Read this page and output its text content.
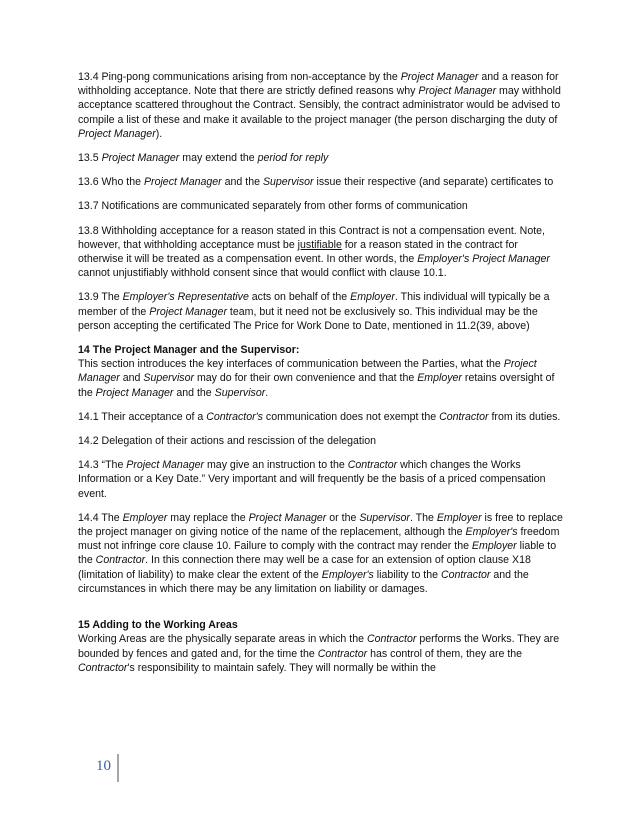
13.4 Ping-pong communications arising from non-acceptance by the Project Manager and a reason for withholding acceptance. Note that there are strictly defined reasons why Project Manager may withhold acceptance scattered throughout the Contract. Sensibly, the contract administrator would be advised to compile a list of these and make it available to the project manager (the person discharging the duty of Project Manager).

13.5 Project Manager may extend the period for reply

13.6 Who the Project Manager and the Supervisor issue their respective (and separate) certificates to

13.7 Notifications are communicated separately from other forms of communication

13.8 Withholding acceptance for a reason stated in this Contract is not a compensation event. Note, however, that withholding acceptance must be justifiable for a reason stated in the contract for otherwise it will be treated as a compensation event. In other words, the Employer's Project Manager cannot unjustifiably withhold consent since that would conflict with clause 10.1.

13.9 The Employer's Representative acts on behalf of the Employer. This individual will typically be a member of the Project Manager team, but it need not be exclusively so. This individual may be the person accepting the certificated The Price for Work Done to Date, mentioned in 11.2(39, above)

14 The Project Manager and the Supervisor:

This section introduces the key interfaces of communication between the Parties, what the Project Manager and Supervisor may do for their own convenience and that the Employer retains oversight of the Project Manager and the Supervisor.

14.1 Their acceptance of a Contractor's communication does not exempt the Contractor from its duties.

14.2 Delegation of their actions and rescission of the delegation

14.3 “The Project Manager may give an instruction to the Contractor which changes the Works Information or a Key Date.” Very important and will frequently be the basis of a priced compensation event.

14.4 The Employer may replace the Project Manager or the Supervisor. The Employer is free to replace the project manager on giving notice of the name of the replacement, although the Employer's freedom must not infringe core clause 10. Failure to comply with the contract may render the Employer liable to the Contractor. In this connection there may well be a case for an extension of option clause X18 (limitation of liability) to make clear the extent of the Employer's liability to the Contractor and the circumstances in which there may be any limitation on liability or damages.

15 Adding to the Working Areas

Working Areas are the physically separate areas in which the Contractor performs the Works. They are bounded by fences and gated and, for the time the Contractor has control of them, they are the Contractor's responsibility to maintain safely. They will normally be within the

10
